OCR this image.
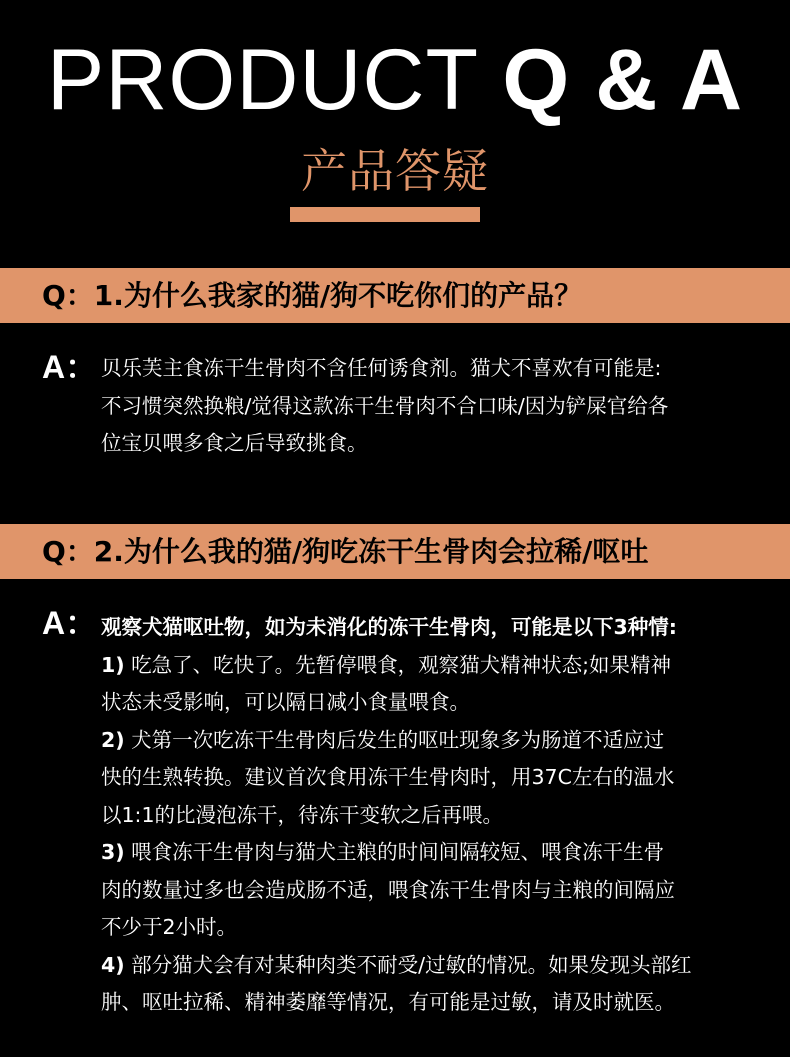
PRODUCT Q & A
产品答疑
Q：1.为什么我家的猫/狗不吃你们的产品？
A： 贝乐芙主食冻干生骨肉不含任何诱食剂。猫犬不喜欢有可能是:

不习惯突然换粮/觉得这款冻干生骨肉不合口味/因为铲屎官给各

位宝贝喂多食之后导致挑食。

Q：2.为什么我的猫/狗吃冻干生骨肉会拉稀/呕吐
A： 观察犬猫呕吐物，如为未消化的冻干生骨肉，可能是以下3种情:

1) 吃急了、吃快了。先暂停喂食，观察猫犬精神状态;如果精神

状态未受影响，可以隔日减小食量喂食。

2) 犬第一次吃冻干生骨肉后发生的呕吐现象多为肠道不适应过

快的生熟转换。建议首次食用冻干生骨肉时，用37C左右的温水

以1:1的比漫泡冻干，待冻干变软之后再喂。

3) 喂食冻干生骨肉与猫犬主粮的时间间隔较短、喂食冻干生骨

肉的数量过多也会造成肠不适，喂食冻干生骨肉与主粮的间隔应

不少于2小时。

4) 部分猫犬会有对某种肉类不耐受/过敏的情况。如果发现头部红

肿、呕吐拉稀、精神萎靡等情况，有可能是过敏，请及时就医。
